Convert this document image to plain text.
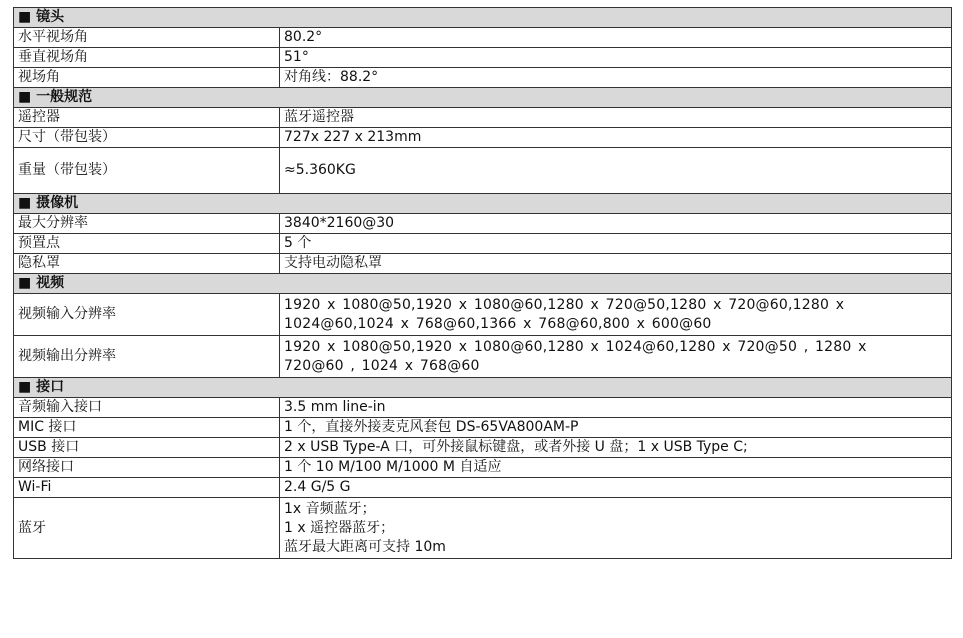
■ 镜头	
水平视场角	80.2°
垂直视场角	51°
视场角	对角线：88.2°
■ 一般规范	
遥控器	蓝牙遥控器
尺寸（带包装）	727x 227 x 213mm
重量（带包装）	≈5.360KG
■ 摄像机	
最大分辨率	3840*2160@30
预置点	5 个
隐私罩	支持电动隐私罩
■ 视频	
视频输入分辨率	1920 x 1080@50,1920 x 1080@60,1280 x 720@50,1280 x 720@60,1280 x
1024@60,1024 x 768@60,1366 x 768@60,800 x 600@60
视频输出分辨率	1920 x 1080@50,1920 x 1080@60,1280 x 1024@60,1280 x 720@50 , 1280 x
720@60 , 1024 x 768@60
■ 接口	
音频输入接口	3.5 mm line-in
MIC 接口	1 个，直接外接麦克风套包 DS-65VA800AM-P
USB 接口	2 x USB Type-A 口，可外接鼠标键盘，或者外接 U 盘；1 x USB Type C;
网络接口	1 个 10 M/100 M/1000 M 自适应
Wi-Fi	2.4 G/5 G
蓝牙	1x 音频蓝牙；
1 x 遥控器蓝牙；
蓝牙最大距离可支持 10m
